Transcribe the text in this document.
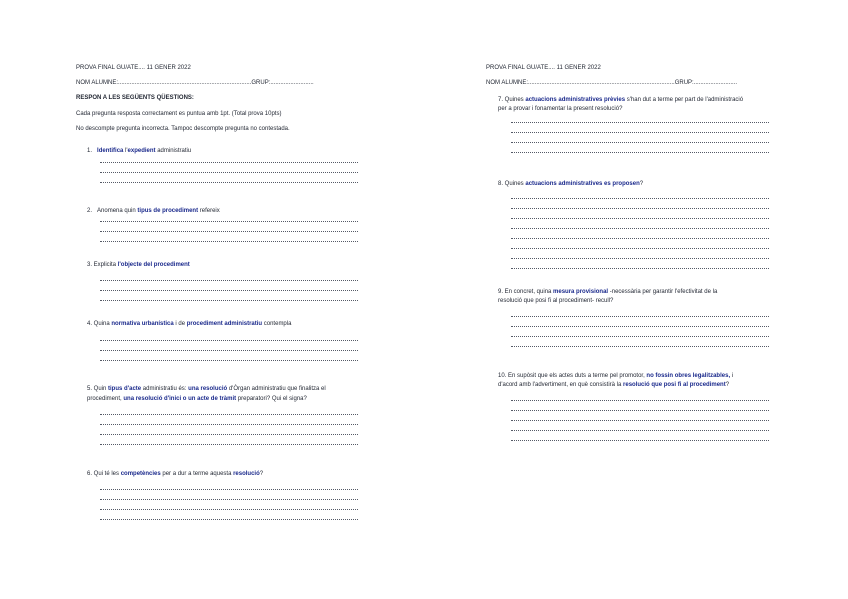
PROVA FINAL GU/ATE.... 11 GENER 2022
NOM ALUMNE:................................................................................GRUP:..........................
RESPON A LES SEGÜENTS QÜESTIONS:
Cada pregunta resposta correctament es puntua amb 1pt. (Total prova 10pts)
No descompte pregunta incorrecta. Tampoc descompte pregunta no contestada.
1. Identifica l'expedient administratiu
2. Anomena quin tipus de procediment refereix
3. Explicita l'objecte del procediment
4. Quina normativa urbanística i de procediment administratiu contempla
5. Quin tipus d'acte administratiu és: una resolució d'Òrgan administratiu que finalitza el
procediment, una resolució d'inici o un acte de tràmit preparatori? Qui el signa?
6. Qui té les competències per a dur a terme aquesta resolució?
PROVA FINAL GU/ATE.... 11 GENER 2022
NOM ALUMNE:........................................................................................GRUP:..........................
7. Quines actuacions administratives prèvies s'han dut a terme per part de l'administració
per a provar i fonamentar la present resolució?
8. Quines actuacions administratives es proposen?
9. En concret, quina mesura provisional -necessària per garantir l'efectivitat de la
resolució que posi fi al procediment- recull?
10. En supòsit que els actes duts a terme pel promotor, no fossin obres legalitzables, i
d'acord amb l'advertiment, en què consistirà la resolució que posi fi al procediment?
